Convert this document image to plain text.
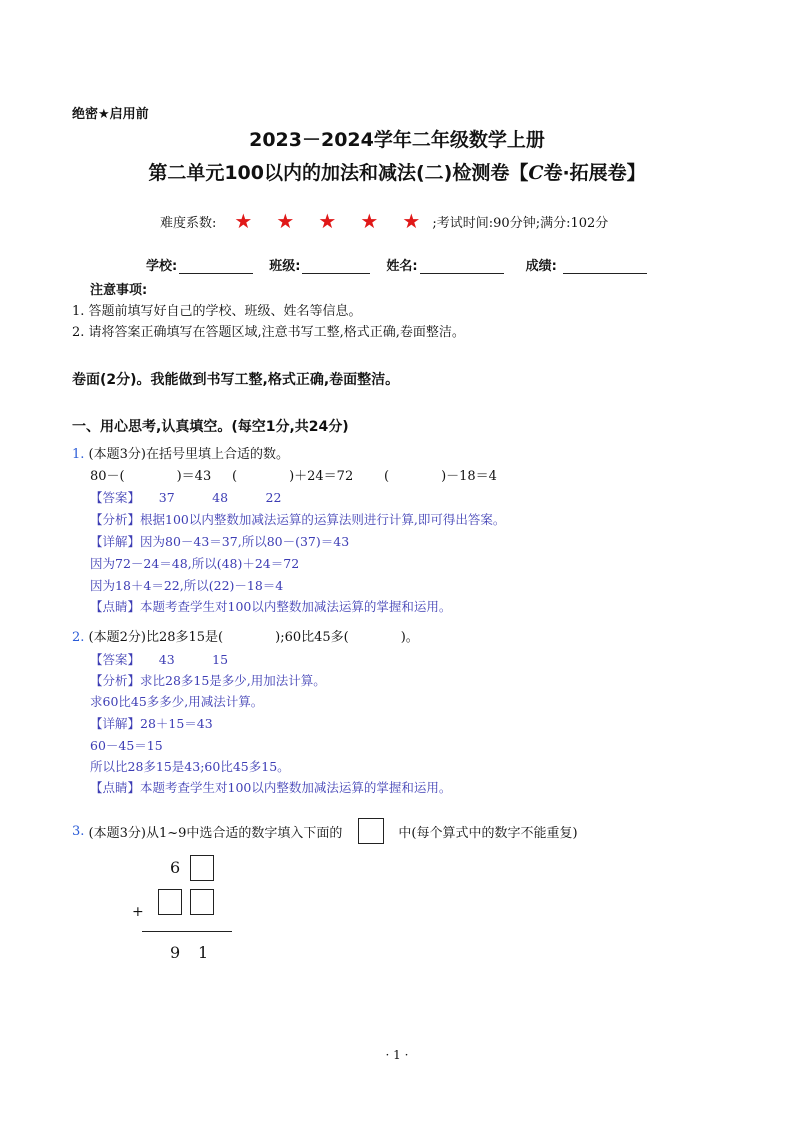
绝密★启用前
2023－2024学年二年级数学上册
第二单元100以内的加法和减法(二)检测卷【C卷·拓展卷】
难度系数: ★	★	★	★	★ ;考试时间:90分钟;满分:102分
学校:	班级:	姓名:	成绩:
注意事项:
1. 答题前填写好自己的学校、班级、姓名等信息。
2. 请将答案正确填写在答题区域,注意书写工整,格式正确,卷面整洁。
卷面(2分)。我能做到书写工整,格式正确,卷面整洁。
一、用心思考,认真填空。(每空1分,共24分)
1. (本题3分)在括号里填上合适的数。
80－(　　　　)＝43 (　　　　)＋24＝72 (　　　　)－18＝4
【答案】　　37　　　48　　　22
【分析】根据100以内整数加减法运算的运算法则进行计算,即可得出答案。
【详解】因为80－43＝37,所以80－(37)＝43
因为72－24＝48,所以(48)＋24＝72
因为18＋4＝22,所以(22)－18＝4
【点睛】本题考查学生对100以内整数加减法运算的掌握和运用。
2. (本题2分)比28多15是(　　　　);60比45多(　　　　)。
【答案】　　43　　　15
【分析】求比28多15是多少,用加法计算。
求60比45多多少,用减法计算。
【详解】28＋15＝43
60－45＝15
所以比28多15是43;60比45多15。
【点睛】本题考查学生对100以内整数加减法运算的掌握和运用。
3.
(本题3分)从1~9中选合适的数字填入下面的	中(每个算式中的数字不能重复)
6
+
9 1
· 1 ·
